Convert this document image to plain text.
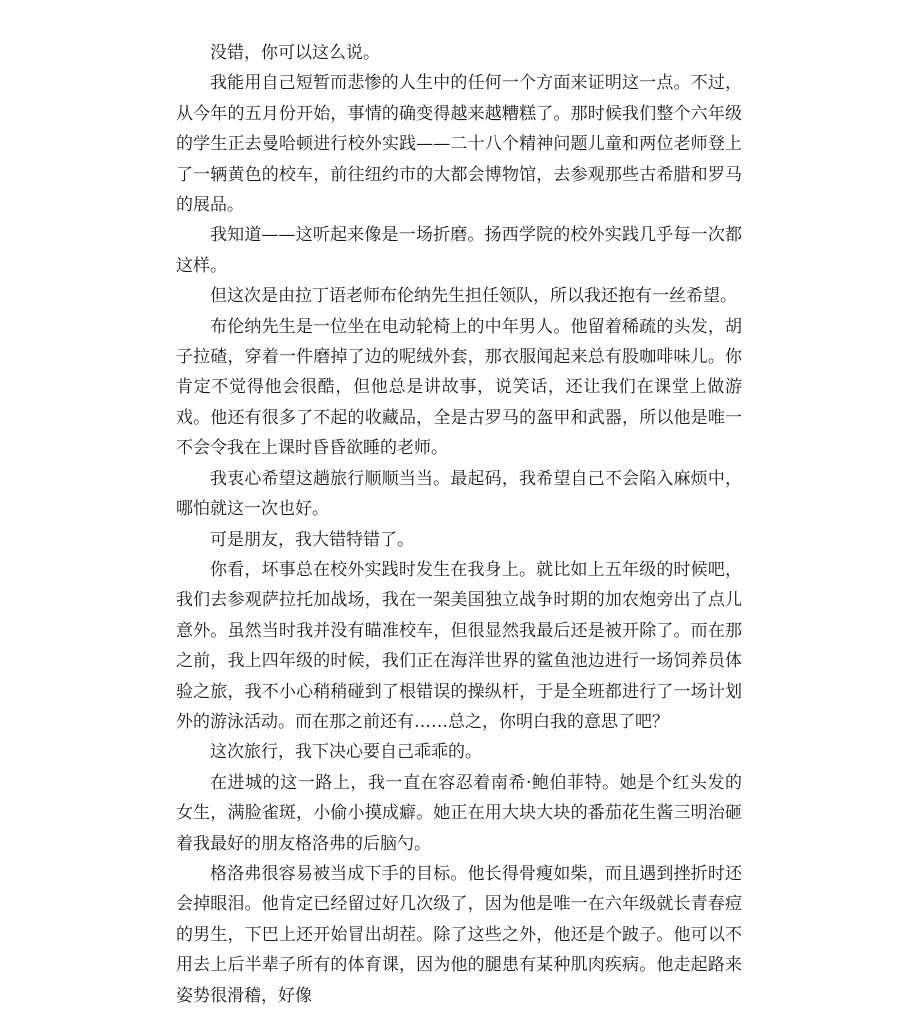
没错，你可以这么说。

我能用自己短暂而悲惨的人生中的任何一个方面来证明这一点。不过，从今年的五月份开始，事情的确变得越来越糟糕了。那时候我们整个六年级的学生正去曼哈顿进行校外实践——二十八个精神问题儿童和两位老师登上了一辆黄色的校车，前往纽约市的大都会博物馆，去参观那些古希腊和罗马的展品。

我知道——这听起来像是一场折磨。扬西学院的校外实践几乎每一次都这样。

但这次是由拉丁语老师布伦纳先生担任领队，所以我还抱有一丝希望。

布伦纳先生是一位坐在电动轮椅上的中年男人。他留着稀疏的头发，胡子拉碴，穿着一件磨掉了边的呢绒外套，那衣服闻起来总有股咖啡味儿。你肯定不觉得他会很酷，但他总是讲故事，说笑话，还让我们在课堂上做游戏。他还有很多了不起的收藏品，全是古罗马的盔甲和武器，所以他是唯一不会令我在上课时昏昏欲睡的老师。

我衷心希望这趟旅行顺顺当当。最起码，我希望自己不会陷入麻烦中，哪怕就这一次也好。

可是朋友，我大错特错了。

你看，坏事总在校外实践时发生在我身上。就比如上五年级的时候吧，我们去参观萨拉托加战场，我在一架美国独立战争时期的加农炮旁出了点儿意外。虽然当时我并没有瞄准校车，但很显然我最后还是被开除了。而在那之前，我上四年级的时候，我们正在海洋世界的鲨鱼池边进行一场饲养员体验之旅，我不小心稍稍碰到了根错误的操纵杆，于是全班都进行了一场计划外的游泳活动。而在那之前还有……总之，你明白我的意思了吧？

这次旅行，我下决心要自己乖乖的。

在进城的这一路上，我一直在容忍着南希·鲍伯菲特。她是个红头发的女生，满脸雀斑，小偷小摸成癖。她正在用大块大块的番茄花生酱三明治砸着我最好的朋友格洛弗的后脑勺。

格洛弗很容易被当成下手的目标。他长得骨瘦如柴，而且遇到挫折时还会掉眼泪。他肯定已经留过好几次级了，因为他是唯一在六年级就长青春痘的男生，下巴上还开始冒出胡茬。除了这些之外，他还是个跛子。他可以不用去上后半辈子所有的体育课，因为他的腿患有某种肌肉疾病。他走起路来姿势很滑稽，好像
